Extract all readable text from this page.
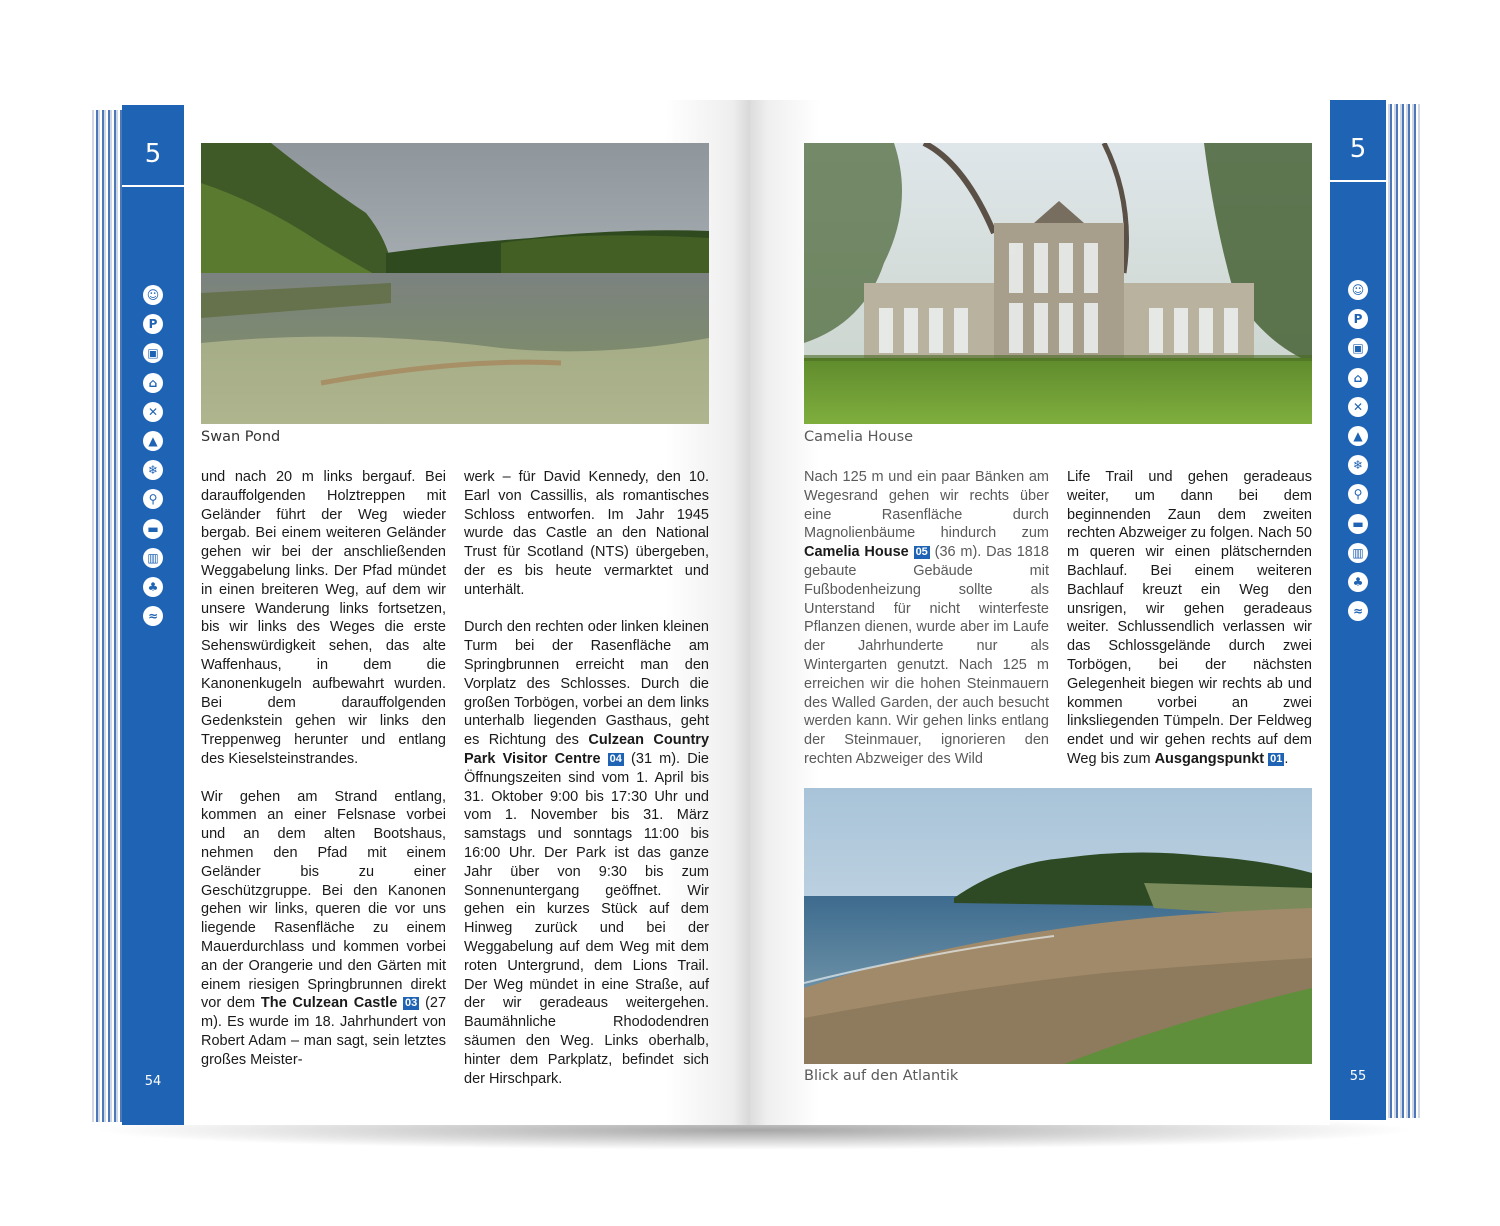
5
☺
P
▣
⌂
✕
▲
❄
⚲
▬
▥
♣
≈
54
Swan Pond

und nach 20 m links bergauf. Bei darauffolgenden Holztreppen mit Geländer führt der Weg wieder bergab. Bei einem weiteren Geländer gehen wir bei der anschließenden Weggabelung links. Der Pfad mündet in einen breiteren Weg, auf dem wir unsere Wanderung links fortsetzen, bis wir links des Weges die erste Sehenswürdigkeit sehen, das alte Waffenhaus, in dem die Kanonenkugeln aufbewahrt wurden. Bei dem darauffolgenden Gedenkstein gehen wir links den Treppenweg herunter und entlang des Kieselsteinstrandes.

Wir gehen am Strand entlang, kommen an einer Felsnase vorbei und an dem alten Bootshaus, nehmen den Pfad mit einem Geländer bis zu einer Geschützgruppe. Bei den Kanonen gehen wir links, queren die vor uns liegende Rasenfläche zu einem Mauerdurchlass und kommen vorbei an der Orangerie und den Gärten mit einem riesigen Springbrunnen direkt vor dem The Culzean Castle 03 (27 m). Es wurde im 18. Jahrhundert von Robert Adam – man sagt, sein letztes großes Meister-

werk – für David Kennedy, den 10. Earl von Cassillis, als romantisches Schloss entworfen. Im Jahr 1945 wurde das Castle an den National Trust für Scotland (NTS) übergeben, der es bis heute vermarktet und unterhält.

Durch den rechten oder linken kleinen Turm bei der Rasenfläche am Springbrunnen erreicht man den Vorplatz des Schlosses. Durch die großen Torbögen, vorbei an dem links unterhalb liegenden Gasthaus, geht es Richtung des Culzean Country Park Visitor Centre 04 (31 m). Die Öffnungszeiten sind vom 1. April bis 31. Oktober 9:00 bis 17:30 Uhr und vom 1. November bis 31. März samstags und sonntags 11:00 bis 16:00 Uhr. Der Park ist das ganze Jahr über von 9:30 bis zum Sonnenuntergang geöffnet. Wir gehen ein kurzes Stück auf dem Hinweg zurück und bei der Weggabelung auf dem Weg mit dem roten Untergrund, dem Lions Trail. Der Weg mündet in eine Straße, auf der wir geradeaus weitergehen. Baumähnliche Rhododendren säumen den Weg. Links oberhalb, hinter dem Parkplatz, befindet sich der Hirschpark.

5
☺
P
▣
⌂
✕
▲
❄
⚲
▬
▥
♣
≈
55
Camelia House

Nach 125 m und ein paar Bänken am Wegesrand gehen wir rechts über eine Rasenfläche durch Magnolienbäume hindurch zum Camelia House 05 (36 m). Das 1818 gebaute Gebäude mit Fußbodenheizung sollte als Unterstand für nicht winterfeste Pflanzen dienen, wurde aber im Laufe der Jahrhunderte nur als Wintergarten genutzt. Nach 125 m erreichen wir die hohen Steinmauern des Walled Garden, der auch besucht werden kann. Wir gehen links entlang der Steinmauer, ignorieren den rechten Abzweiger des Wild

Life Trail und gehen geradeaus weiter, um dann bei dem beginnenden Zaun dem zweiten rechten Abzweiger zu folgen. Nach 50 m queren wir einen plätschernden Bachlauf. Bei einem weiteren Bachlauf kreuzt ein Weg den unsrigen, wir gehen geradeaus weiter. Schlussendlich verlassen wir das Schlossgelände durch zwei Torbögen, bei der nächsten Gelegenheit biegen wir rechts ab und kommen vorbei an zwei linksliegenden Tümpeln. Der Feldweg endet und wir gehen rechts auf dem Weg bis zum Ausgangspunkt 01 .

Blick auf den Atlantik
